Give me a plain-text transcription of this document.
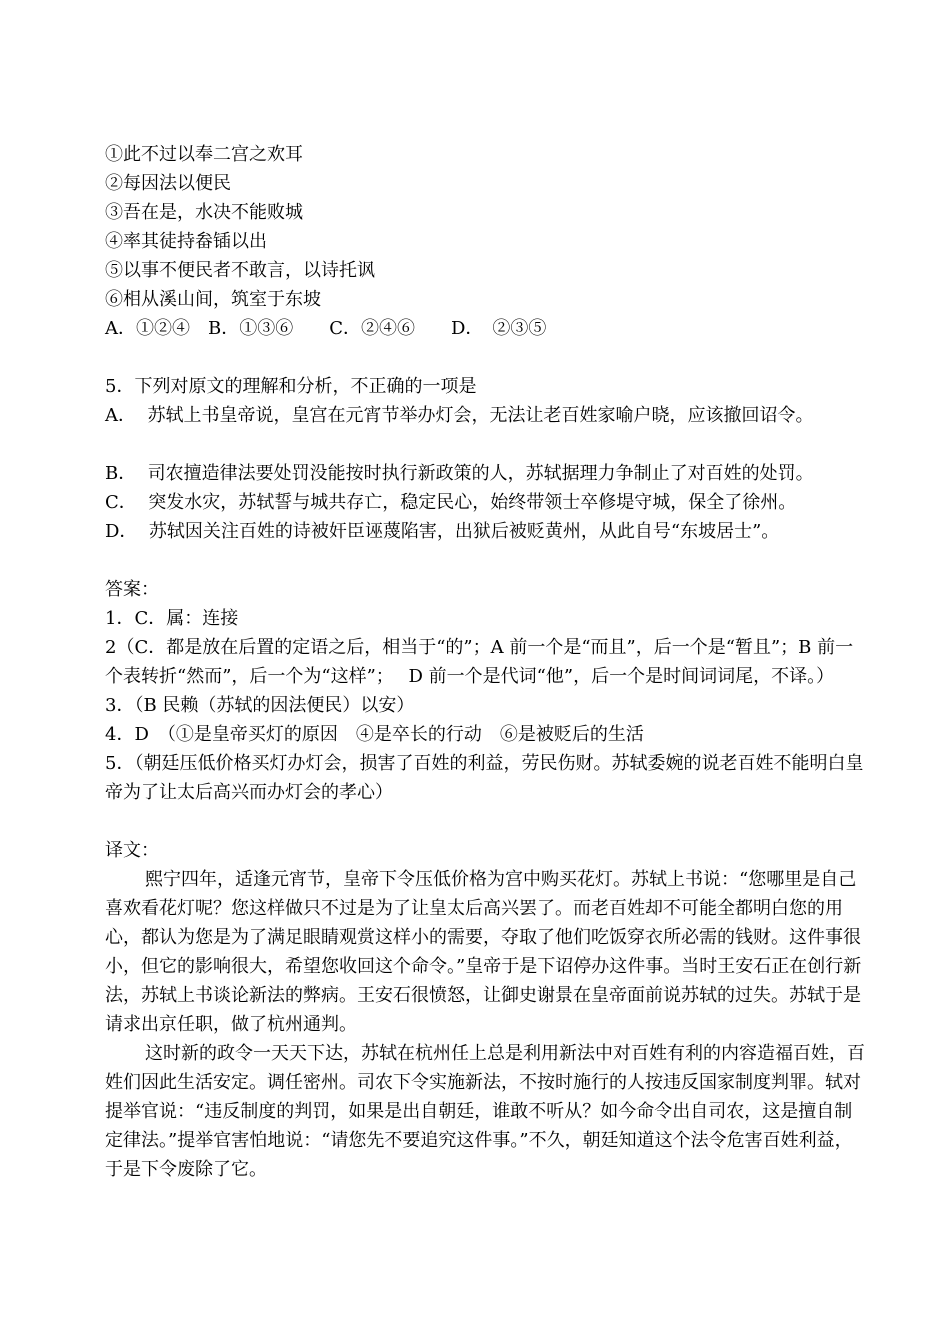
①此不过以奉二宫之欢耳
②每因法以便民
③吾在是，水决不能败城
④率其徒持畚锸以出
⑤以事不便民者不敢言，以诗托讽
⑥相从溪山间，筑室于东坡
A．①②④　B．①③⑥　　C．②④⑥　　D．　②③⑤
5．下列对原文的理解和分析，不正确的一项是
A．  苏轼上书皇帝说，皇宫在元宵节举办灯会，无法让老百姓家喻户晓，应该撤回诏令。
B．  司农擅造律法要处罚没能按时执行新政策的人，苏轼据理力争制止了对百姓的处罚。
C．  突发水灾，苏轼誓与城共存亡，稳定民心，始终带领士卒修堤守城，保全了徐州。
D．  苏轼因关注百姓的诗被奸臣诬蔑陷害，出狱后被贬黄州，从此自号“东坡居士”。
答案：
1．C．属：连接
2（C．都是放在后置的定语之后，相当于“的”；A 前一个是“而且”，后一个是“暂且”；B 前一个表转折“然而”，后一个为“这样”；　 D 前一个是代词“他”，后一个是时间词词尾，不译。）
3．（B 民赖（苏轼的因法便民）以安）
4．D　（①是皇帝买灯的原因　④是卒长的行动　⑥是被贬后的生活
5．（朝廷压低价格买灯办灯会，损害了百姓的利益，劳民伤财。苏轼委婉的说老百姓不能明白皇帝为了让太后高兴而办灯会的孝心）
译文：
熙宁四年，适逢元宵节，皇帝下令压低价格为宫中购买花灯。苏轼上书说：“您哪里是自己喜欢看花灯呢？您这样做只不过是为了让皇太后高兴罢了。而老百姓却不可能全都明白您的用心，都认为您是为了满足眼睛观赏这样小的需要，夺取了他们吃饭穿衣所必需的钱财。这件事很小，但它的影响很大，希望您收回这个命令。”皇帝于是下诏停办这件事。当时王安石正在创行新法，苏轼上书谈论新法的弊病。王安石很愤怒，让御史谢景在皇帝面前说苏轼的过失。苏轼于是请求出京任职，做了杭州通判。
这时新的政令一天天下达，苏轼在杭州任上总是利用新法中对百姓有利的内容造福百姓，百姓们因此生活安定。调任密州。司农下令实施新法，不按时施行的人按违反国家制度判罪。轼对提举官说：“违反制度的判罚，如果是出自朝廷，谁敢不听从？如今命令出自司农，这是擅自制定律法。”提举官害怕地说：“请您先不要追究这件事。”不久，朝廷知道这个法令危害百姓利益，于是下令废除了它。
